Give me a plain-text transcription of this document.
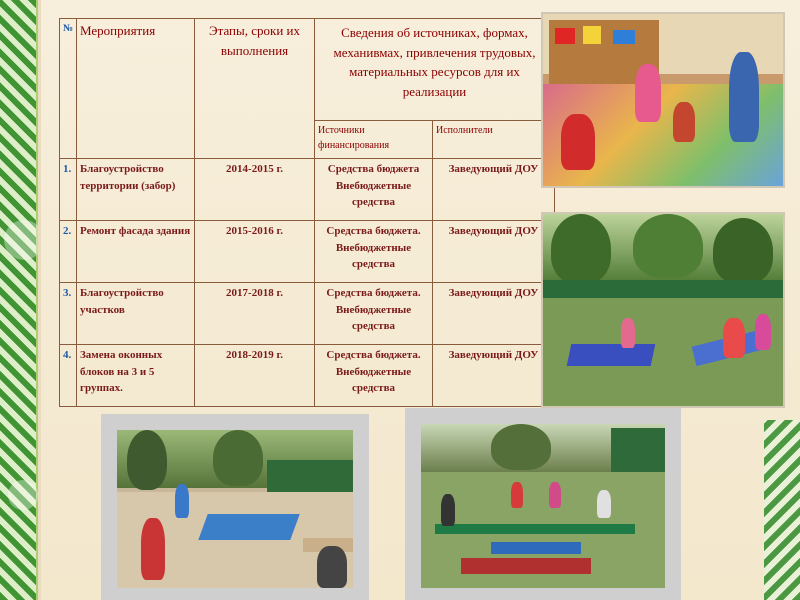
№	Мероприятия	Этапы, сроки их выполнения	Сведения об источниках, формах, механивмах, привлечения трудовых, материальных ресурсов для их реализации	
			Источники финансирования	Исполнители
1.	Благоустройство территории (забор)	2014-2015 г.	Средства бюджета Внебюджетные средства	Заведующий ДОУ
2.	Ремонт фасада здания	2015-2016 г.	Средства бюджета. Внебюджетные средства	Заведующий ДОУ
3.	Благоустройство участков	2017-2018 г.	Средства бюджета. Внебюджетные средства	Заведующий ДОУ
4.	Замена оконных блоков на 3 и 5 группах.	2018-2019 г.	Средства бюджета. Внебюджетные средства	Заведующий ДОУ
